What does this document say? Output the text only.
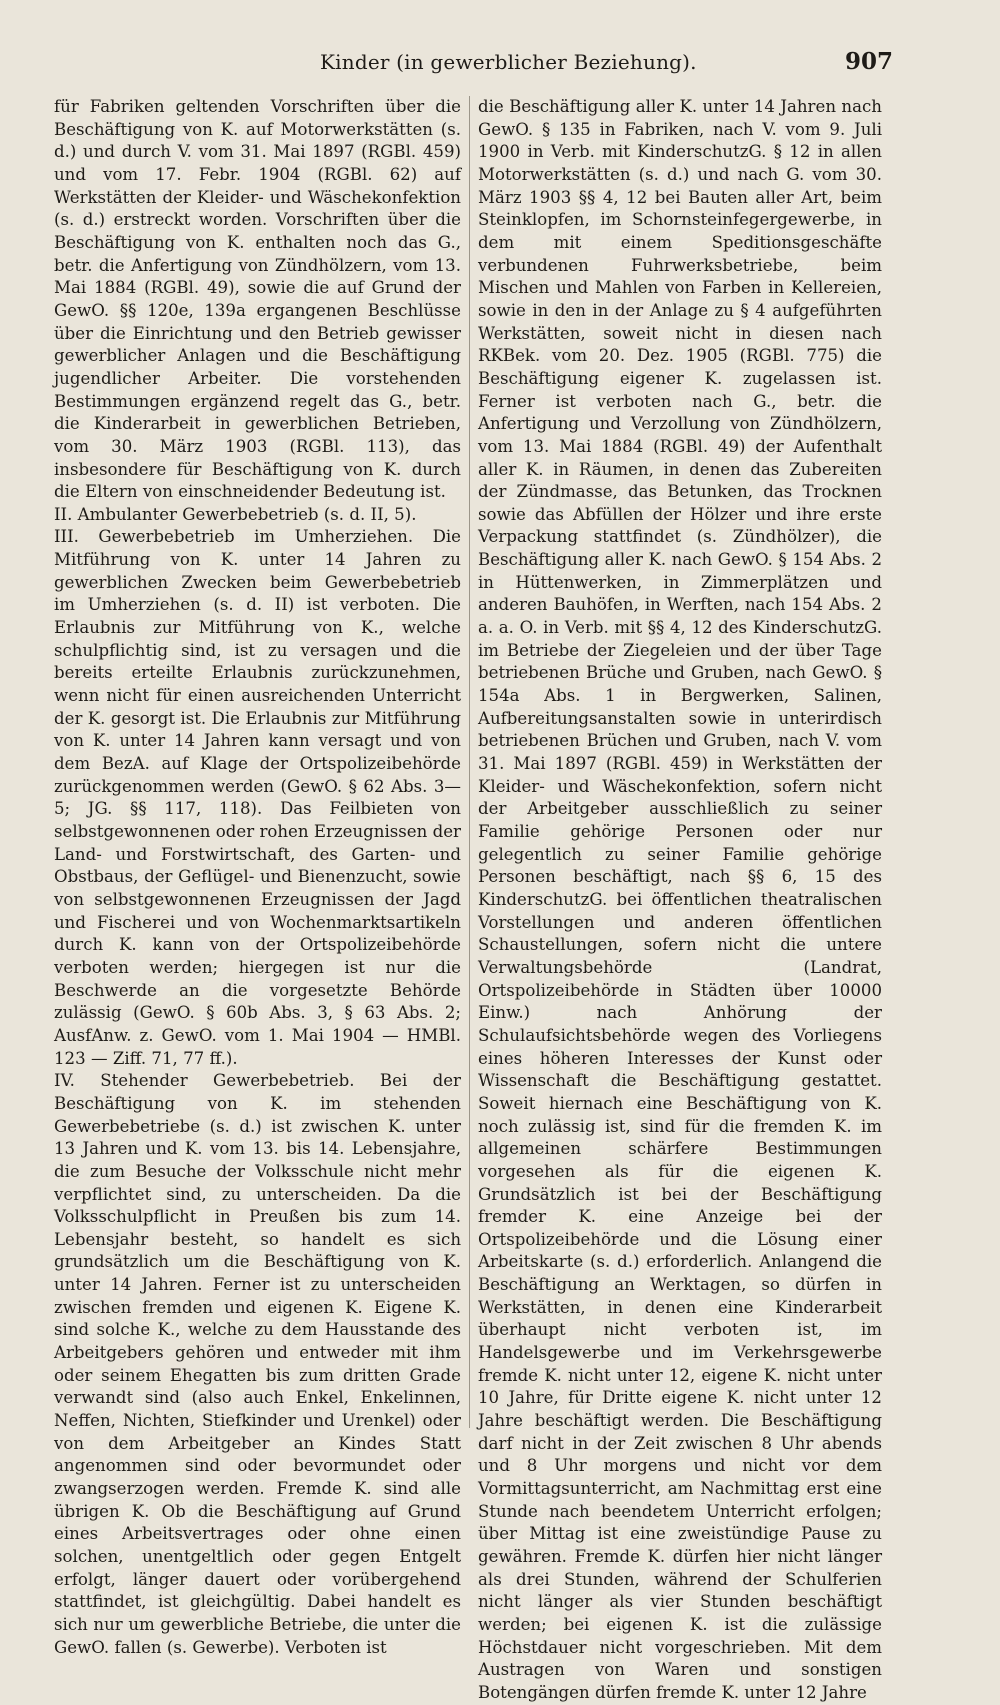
Kinder (in gewerblicher Beziehung).	907

für Fabriken geltenden Vorschriften über die Beschäftigung von K. auf Motorwerkstätten (s. d.) und durch V. vom 31. Mai 1897 (RGBl. 459) und vom 17. Febr. 1904 (RGBl. 62) auf Werkstätten der Kleider- und Wäschekonfektion (s. d.) erstreckt worden. Vorschriften über die Beschäftigung von K. enthalten noch das G., betr. die Anfertigung von Zündhölzern, vom 13. Mai 1884 (RGBl. 49), sowie die auf Grund der GewO. §§ 120e, 139a ergangenen Beschlüsse über die Einrichtung und den Betrieb gewisser gewerblicher Anlagen und die Beschäftigung jugendlicher Arbeiter. Die vorstehenden Bestimmungen ergänzend regelt das G., betr. die Kinderarbeit in gewerblichen Betrieben, vom 30. März 1903 (RGBl. 113), das insbesondere für Beschäftigung von K. durch die Eltern von einschneidender Bedeutung ist.

II. Ambulanter Gewerbebetrieb (s. d. II, 5).

III. Gewerbebetrieb im Umherziehen. Die Mitführung von K. unter 14 Jahren zu gewerblichen Zwecken beim Gewerbebetrieb im Umherziehen (s. d. II) ist verboten. Die Erlaubnis zur Mitführung von K., welche schulpflichtig sind, ist zu versagen und die bereits erteilte Erlaubnis zurückzunehmen, wenn nicht für einen ausreichenden Unterricht der K. gesorgt ist. Die Erlaubnis zur Mitführung von K. unter 14 Jahren kann versagt und von dem BezA. auf Klage der Ortspolizeibehörde zurückgenommen werden (GewO. § 62 Abs. 3—5; JG. §§ 117, 118). Das Feilbieten von selbstgewonnenen oder rohen Erzeugnissen der Land- und Forstwirtschaft, des Garten- und Obstbaus, der Geflügel- und Bienenzucht, sowie von selbstgewonnenen Erzeugnissen der Jagd und Fischerei und von Wochenmarktsartikeln durch K. kann von der Ortspolizeibehörde verboten werden; hiergegen ist nur die Beschwerde an die vorgesetzte Behörde zulässig (GewO. § 60b Abs. 3, § 63 Abs. 2; AusfAnw. z. GewO. vom 1. Mai 1904 — HMBl. 123 — Ziff. 71, 77 ff.).

IV. Stehender Gewerbebetrieb. Bei der Beschäftigung von K. im stehenden Gewerbebetriebe (s. d.) ist zwischen K. unter 13 Jahren und K. vom 13. bis 14. Lebensjahre, die zum Besuche der Volksschule nicht mehr verpflichtet sind, zu unterscheiden. Da die Volksschulpflicht in Preußen bis zum 14. Lebensjahr besteht, so handelt es sich grundsätzlich um die Beschäftigung von K. unter 14 Jahren. Ferner ist zu unterscheiden zwischen fremden und eigenen K. Eigene K. sind solche K., welche zu dem Hausstande des Arbeitgebers gehören und entweder mit ihm oder seinem Ehegatten bis zum dritten Grade verwandt sind (also auch Enkel, Enkelinnen, Neffen, Nichten, Stiefkinder und Urenkel) oder von dem Arbeitgeber an Kindes Statt angenommen sind oder bevormundet oder zwangserzogen werden. Fremde K. sind alle übrigen K. Ob die Beschäftigung auf Grund eines Arbeitsvertrages oder ohne einen solchen, unentgeltlich oder gegen Entgelt erfolgt, länger dauert oder vorübergehend stattfindet, ist gleichgültig. Dabei handelt es sich nur um gewerbliche Betriebe, die unter die GewO. fallen (s. Gewerbe). Verboten ist

die Beschäftigung aller K. unter 14 Jahren nach GewO. § 135 in Fabriken, nach V. vom 9. Juli 1900 in Verb. mit KinderschutzG. § 12 in allen Motorwerkstätten (s. d.) und nach G. vom 30. März 1903 §§ 4, 12 bei Bauten aller Art, beim Steinklopfen, im Schornsteinfegergewerbe, in dem mit einem Speditionsgeschäfte verbundenen Fuhrwerksbetriebe, beim Mischen und Mahlen von Farben in Kellereien, sowie in den in der Anlage zu § 4 aufgeführten Werkstätten, soweit nicht in diesen nach RKBek. vom 20. Dez. 1905 (RGBl. 775) die Beschäftigung eigener K. zugelassen ist. Ferner ist verboten nach G., betr. die Anfertigung und Verzollung von Zündhölzern, vom 13. Mai 1884 (RGBl. 49) der Aufenthalt aller K. in Räumen, in denen das Zubereiten der Zündmasse, das Betunken, das Trocknen sowie das Abfüllen der Hölzer und ihre erste Verpackung stattfindet (s. Zündhölzer), die Beschäftigung aller K. nach GewO. § 154 Abs. 2 in Hüttenwerken, in Zimmerplätzen und anderen Bauhöfen, in Werften, nach 154 Abs. 2 a. a. O. in Verb. mit §§ 4, 12 des KinderschutzG. im Betriebe der Ziegeleien und der über Tage betriebenen Brüche und Gruben, nach GewO. § 154a Abs. 1 in Bergwerken, Salinen, Aufbereitungsanstalten sowie in unterirdisch betriebenen Brüchen und Gruben, nach V. vom 31. Mai 1897 (RGBl. 459) in Werkstätten der Kleider- und Wäschekonfektion, sofern nicht der Arbeitgeber ausschließlich zu seiner Familie gehörige Personen oder nur gelegentlich zu seiner Familie gehörige Personen beschäftigt, nach §§ 6, 15 des KinderschutzG. bei öffentlichen theatralischen Vorstellungen und anderen öffentlichen Schaustellungen, sofern nicht die untere Verwaltungsbehörde (Landrat, Ortspolizeibehörde in Städten über 10000 Einw.) nach Anhörung der Schulaufsichtsbehörde wegen des Vorliegens eines höheren Interesses der Kunst oder Wissenschaft die Beschäftigung gestattet. Soweit hiernach eine Beschäftigung von K. noch zulässig ist, sind für die fremden K. im allgemeinen schärfere Bestimmungen vorgesehen als für die eigenen K. Grundsätzlich ist bei der Beschäftigung fremder K. eine Anzeige bei der Ortspolizeibehörde und die Lösung einer Arbeitskarte (s. d.) erforderlich. Anlangend die Beschäftigung an Werktagen, so dürfen in Werkstätten, in denen eine Kinderarbeit überhaupt nicht verboten ist, im Handelsgewerbe und im Verkehrsgewerbe fremde K. nicht unter 12, eigene K. nicht unter 10 Jahre, für Dritte eigene K. nicht unter 12 Jahre beschäftigt werden. Die Beschäftigung darf nicht in der Zeit zwischen 8 Uhr abends und 8 Uhr morgens und nicht vor dem Vormittagsunterricht, am Nachmittag erst eine Stunde nach beendetem Unterricht erfolgen; über Mittag ist eine zweistündige Pause zu gewähren. Fremde K. dürfen hier nicht länger als drei Stunden, während der Schulferien nicht länger als vier Stunden beschäftigt werden; bei eigenen K. ist die zulässige Höchstdauer nicht vorgeschrieben. Mit dem Austragen von Waren und sonstigen Botengängen dürfen fremde K. unter 12 Jahre
